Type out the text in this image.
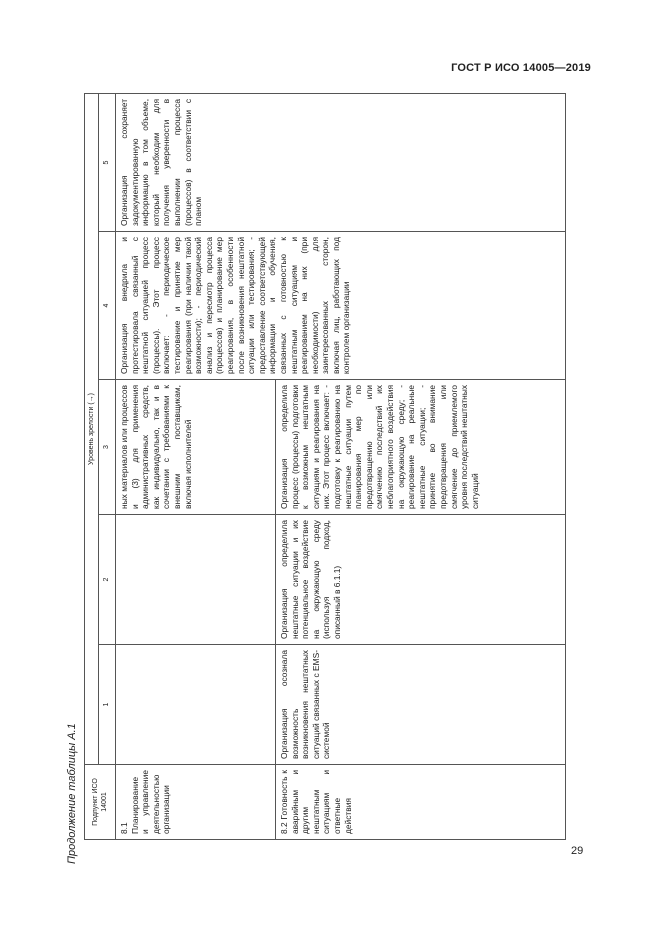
ГОСТ Р ИСО 14005—2019
Продолжение таблицы А.1 Подпункт ИСО 14001	Уровень зрелости (→)				
	1	2	3	4	5
8.1 Планирование и управление деятельностью организации			ных материалов или процессов и (3) для применения административных средств, как индивидуально, так и в сочетании с требованиями к внешним поставщикам, включая исполнителей	Организация внедрила и протестировала связанный с нештатной ситуацией процесс (процессы). Этот процесс включает: - периодическое тестирование и принятие мер реагирования (при наличии такой возможности); - периодический анализ и пересмотр процесса (процессов) и планирование мер реагирования, в особенности после возникновения нештатной ситуации или тестирования; - предоставление соответствующей информации и обучения, связанных с готовностью к нештатным ситуациям и реагированием на них (при необходимости) для заинтересованных сторон, включая лиц, работающих под контролем организации	Организация сохраняет задокументированную информацию в том объеме, который необходим для получения уверенности в выполнении процесса (процессов) в соответствии с планом
8.2 Готовность к аварийным и другим нештатным ситуациям и ответные действия	Организация осознала возможность возникновения нештатных ситуаций связанных с EMS-системой	Организация определила нештатные ситуации и их потенциальное воздействие на окружающую среду (используя подход, описанный в 6.1.1)	Организация определила процесс (процессы) подготовки к возможным нештатным ситуациям и реагирования на них. Этот процесс включает: - подготовку к реагированию на нештатные ситуации путем планирования мер по предотвращению или смягчению последствий их неблагоприятного воздействия на окружающую среду; - реагирование на реальные нештатные ситуации; - принятие во внимание предотвращения или смягчение до приемлемого уровня последствий нештатных ситуаций		
29
